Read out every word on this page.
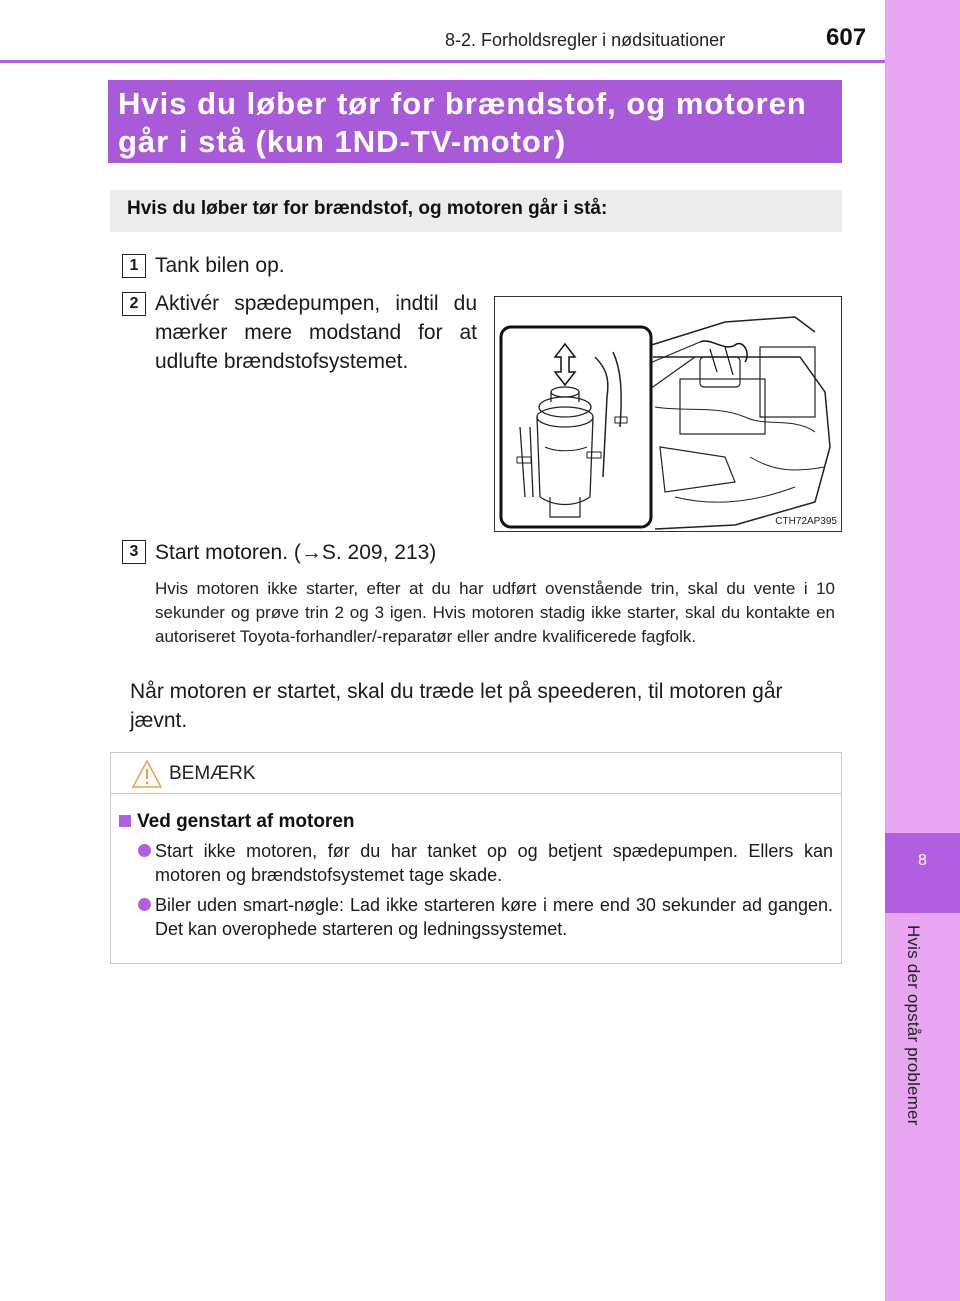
8
Hvis der opstår problemer
8-2. Forholdsregler i nødsituationer	607
Hvis du løber tør for brændstof, og motoren
går i stå (kun 1ND-TV-motor)
Hvis du løber tør for brændstof, og motoren går i stå:
1 Tank bilen op.
2 Aktivér spædepumpen, indtil du
mærker mere modstand for at
udlufte brændstofsystemet.
CTH72AP395
3 Start motoren. (→S. 209, 213)
Hvis motoren ikke starter, efter at du har udført ovenstående trin, skal du vente i 10 sekunder og prøve trin 2 og 3 igen. Hvis motoren stadig ikke starter, skal du kontakte en autoriseret Toyota-forhandler/-reparatør eller andre kvalificerede fagfolk.
Når motoren er startet, skal du træde let på speederen, til motoren går jævnt.
BEMÆRK
Ved genstart af motoren
Start ikke motoren, før du har tanket op og betjent spædepumpen. Ellers kan motoren og brændstofsystemet tage skade.
Biler uden smart-nøgle: Lad ikke starteren køre i mere end 30 sekunder ad gangen. Det kan overophede starteren og ledningssystemet.
